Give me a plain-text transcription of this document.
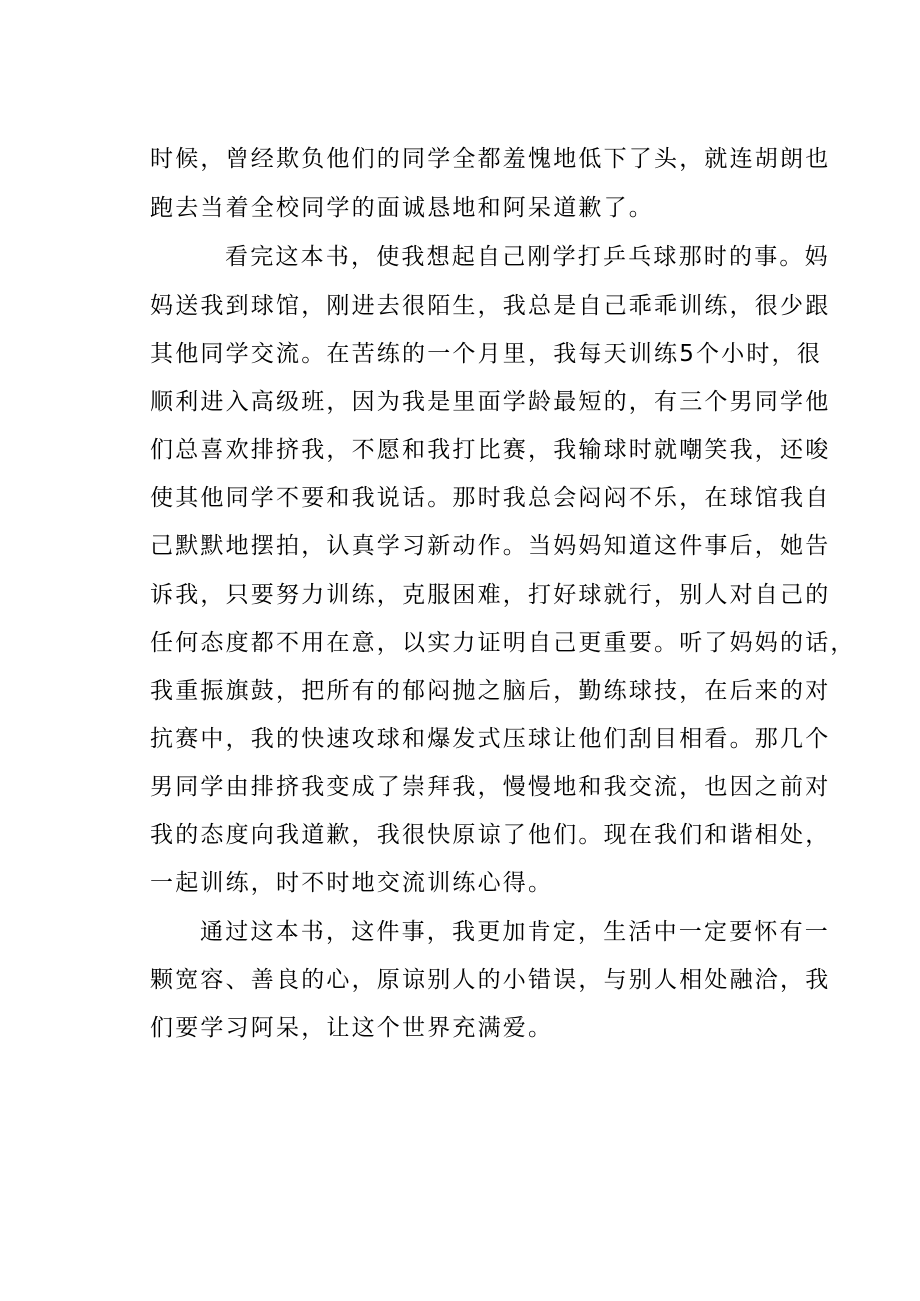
时候，曾经欺负他们的同学全都羞愧地低下了头，就连胡朗也
跑去当着全校同学的面诚恳地和阿呆道歉了。
看完这本书，使我想起自己刚学打乒乓球那时的事。妈
妈送我到球馆，刚进去很陌生，我总是自己乖乖训练，很少跟
其他同学交流。在苦练的一个月里，我每天训练5个小时，很
顺利进入高级班，因为我是里面学龄最短的，有三个男同学他
们总喜欢排挤我，不愿和我打比赛，我输球时就嘲笑我，还唆
使其他同学不要和我说话。那时我总会闷闷不乐，在球馆我自
己默默地摆拍，认真学习新动作。当妈妈知道这件事后，她告
诉我，只要努力训练，克服困难，打好球就行，别人对自己的
任何态度都不用在意，以实力证明自己更重要。听了妈妈的话，
我重振旗鼓，把所有的郁闷抛之脑后，勤练球技，在后来的对
抗赛中，我的快速攻球和爆发式压球让他们刮目相看。那几个
男同学由排挤我变成了崇拜我，慢慢地和我交流，也因之前对
我的态度向我道歉，我很快原谅了他们。现在我们和谐相处，
一起训练，时不时地交流训练心得。
通过这本书，这件事，我更加肯定，生活中一定要怀有一
颗宽容、善良的心，原谅别人的小错误，与别人相处融洽，我
们要学习阿呆，让这个世界充满爱。
